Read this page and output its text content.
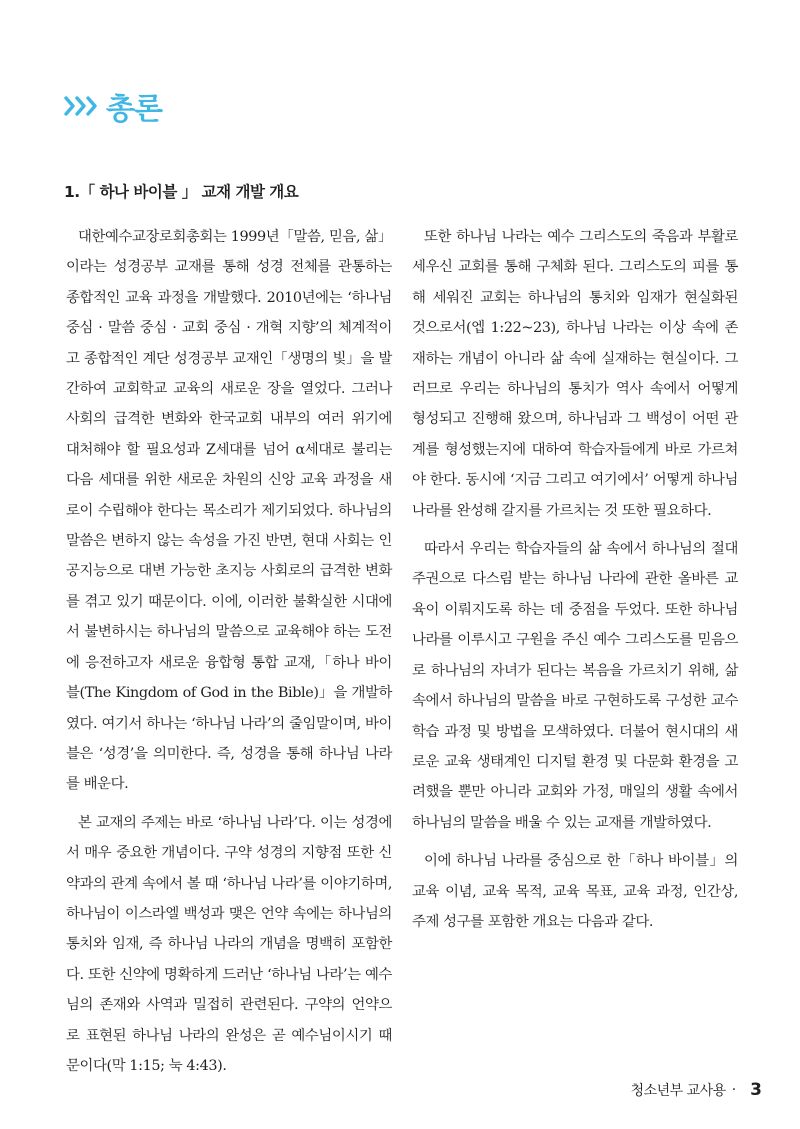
총론
1.「 하나 바이블 」 교재 개발 개요

대한예수교장로회총회는 1999년「말씀, 믿음, 삶」이라는 성경공부 교재를 통해 성경 전체를 관통하는 종합적인 교육 과정을 개발했다. 2010년에는 ‘하나님 중심 · 말씀 중심 · 교회 중심 · 개혁 지향’의 체계적이고 종합적인 계단 성경공부 교재인「생명의 빛」을 발간하여 교회학교 교육의 새로운 장을 열었다. 그러나 사회의 급격한 변화와 한국교회 내부의 여러 위기에 대처해야 할 필요성과 Z세대를 넘어 α세대로 불리는 다음 세대를 위한 새로운 차원의 신앙 교육 과정을 새로이 수립해야 한다는 목소리가 제기되었다. 하나님의 말씀은 변하지 않는 속성을 가진 반면, 현대 사회는 인공지능으로 대변 가능한 초지능 사회로의 급격한 변화를 겪고 있기 때문이다. 이에, 이러한 불확실한 시대에서 불변하시는 하나님의 말씀으로 교육해야 하는 도전에 응전하고자 새로운 융합형 통합 교재,「하나 바이블(The Kingdom of God in the Bible)」을 개발하였다. 여기서 하나는 ‘하나님 나라’의 줄임말이며, 바이블은 ‘성경’을 의미한다. 즉, 성경을 통해 하나님 나라를 배운다.

본 교재의 주제는 바로 ‘하나님 나라’다. 이는 성경에서 매우 중요한 개념이다. 구약 성경의 지향점 또한 신약과의 관계 속에서 볼 때 ‘하나님 나라’를 이야기하며, 하나님이 이스라엘 백성과 맺은 언약 속에는 하나님의 통치와 임재, 즉 하나님 나라의 개념을 명백히 포함한다. 또한 신약에 명확하게 드러난 ‘하나님 나라’는 예수님의 존재와 사역과 밀접히 관련된다. 구약의 언약으로 표현된 하나님 나라의 완성은 곧 예수님이시기 때문이다(막 1:15; 눅 4:43).

또한 하나님 나라는 예수 그리스도의 죽음과 부활로 세우신 교회를 통해 구체화 된다. 그리스도의 피를 통해 세워진 교회는 하나님의 통치와 임재가 현실화된 것으로서(엡 1:22~23), 하나님 나라는 이상 속에 존재하는 개념이 아니라 삶 속에 실재하는 현실이다. 그러므로 우리는 하나님의 통치가 역사 속에서 어떻게 형성되고 진행해 왔으며, 하나님과 그 백성이 어떤 관계를 형성했는지에 대하여 학습자들에게 바로 가르쳐야 한다. 동시에 ‘지금 그리고 여기에서’ 어떻게 하나님 나라를 완성해 갈지를 가르치는 것 또한 필요하다.

따라서 우리는 학습자들의 삶 속에서 하나님의 절대 주권으로 다스림 받는 하나님 나라에 관한 올바른 교육이 이뤄지도록 하는 데 중점을 두었다. 또한 하나님 나라를 이루시고 구원을 주신 예수 그리스도를 믿음으로 하나님의 자녀가 된다는 복음을 가르치기 위해, 삶 속에서 하나님의 말씀을 바로 구현하도록 구성한 교수 학습 과정 및 방법을 모색하였다. 더불어 현시대의 새로운 교육 생태계인 디지털 환경 및 다문화 환경을 고려했을 뿐만 아니라 교회와 가정, 매일의 생활 속에서 하나님의 말씀을 배울 수 있는 교재를 개발하였다.

이에 하나님 나라를 중심으로 한「하나 바이블」의 교육 이념, 교육 목적, 교육 목표, 교육 과정, 인간상, 주제 성구를 포함한 개요는 다음과 같다.

청소년부 교사용 · 3
